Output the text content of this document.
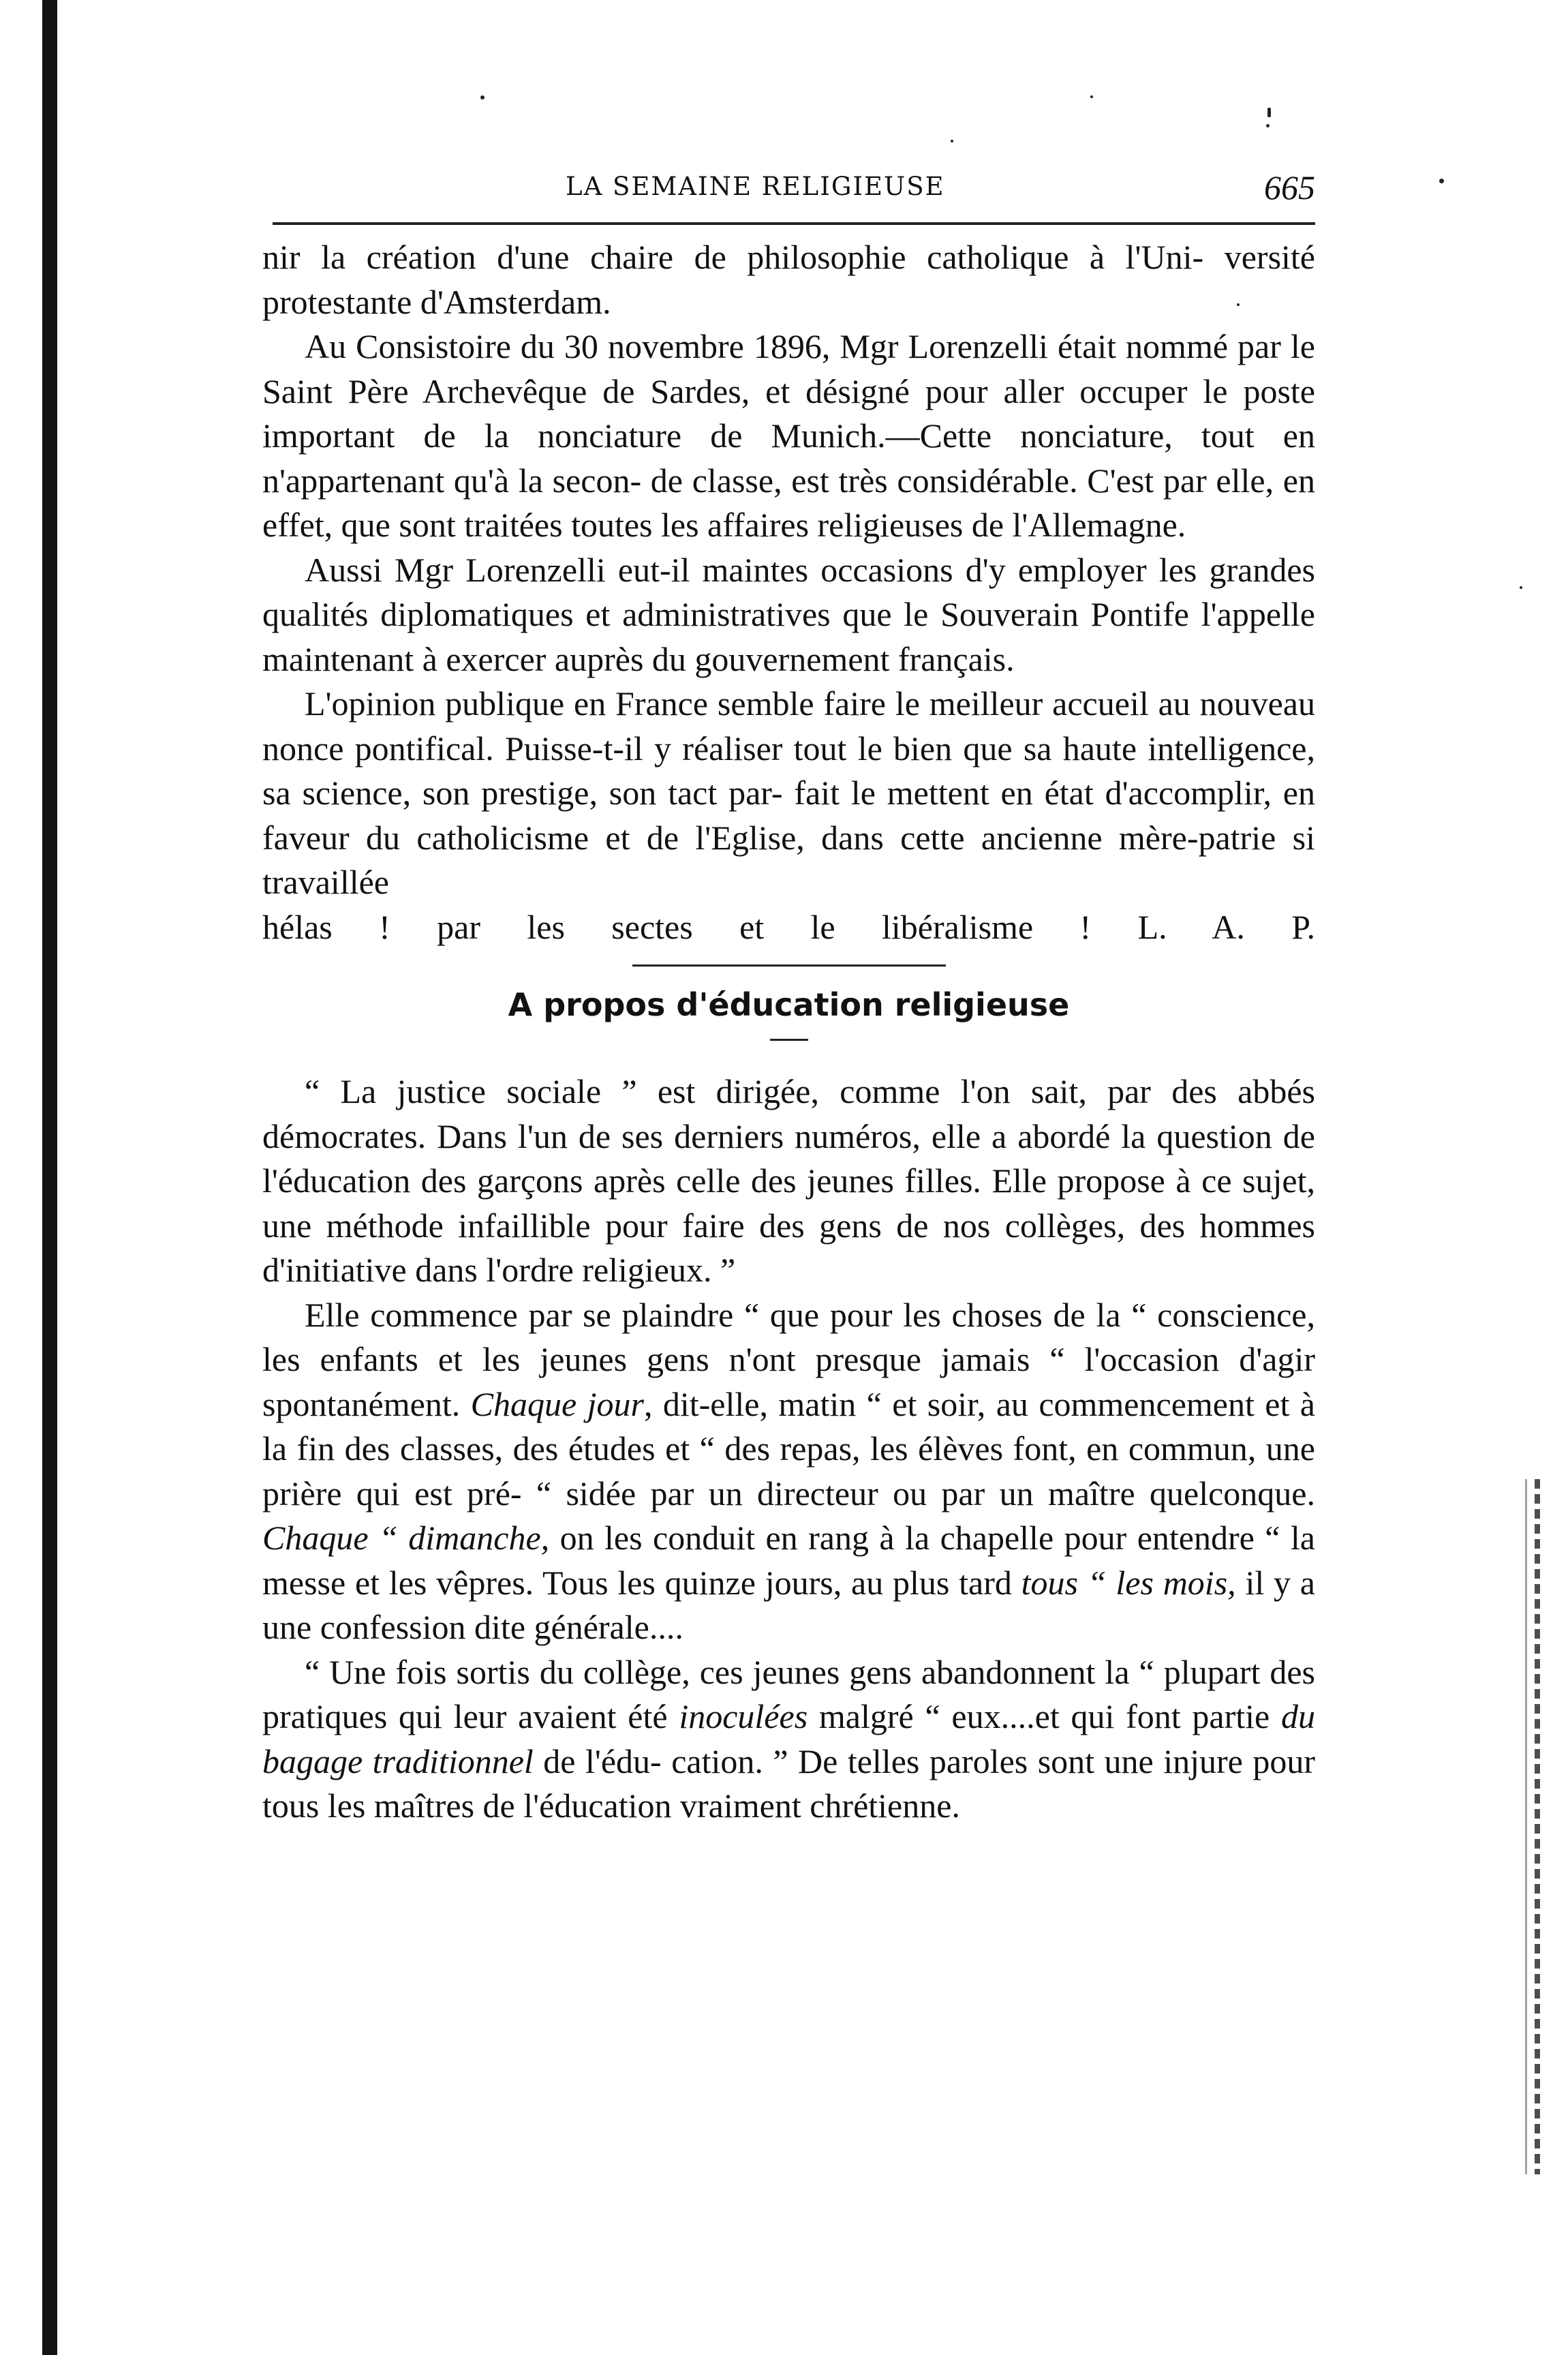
LA SEMAINE RELIGIEUSE	665

nir la création d'une chaire de philosophie catholique à l'Uni- versité protestante d'Amsterdam.

Au Consistoire du 30 novembre 1896, Mgr Lorenzelli était nommé par le Saint Père Archevêque de Sardes, et désigné pour aller occuper le poste important de la nonciature de Munich.—Cette nonciature, tout en n'appartenant qu'à la secon- de classe, est très considérable. C'est par elle, en effet, que sont traitées toutes les affaires religieuses de l'Allemagne.

Aussi Mgr Lorenzelli eut-il maintes occasions d'y employer les grandes qualités diplomatiques et administratives que le Souverain Pontife l'appelle maintenant à exercer auprès du gouvernement français.

L'opinion publique en France semble faire le meilleur accueil au nouveau nonce pontifical. Puisse-t-il y réaliser tout le bien que sa haute intelligence, sa science, son prestige, son tact par- fait le mettent en état d'accomplir, en faveur du catholicisme et de l'Eglise, dans cette ancienne mère-patrie si travaillée

hélas ! par les sectes et le libéralisme ! L. A. P.

A propos d'éducation religieuse

“ La justice sociale ” est dirigée, comme l'on sait, par des abbés démocrates. Dans l'un de ses derniers numéros, elle a abordé la question de l'éducation des garçons après celle des jeunes filles. Elle propose à ce sujet, une méthode infaillible pour faire des gens de nos collèges, des hommes d'initiative dans l'ordre religieux. ”

Elle commence par se plaindre “ que pour les choses de la “ conscience, les enfants et les jeunes gens n'ont presque jamais “ l'occasion d'agir spontanément. Chaque jour, dit-elle, matin “ et soir, au commencement et à la fin des classes, des études et “ des repas, les élèves font, en commun, une prière qui est pré- “ sidée par un directeur ou par un maître quelconque. Chaque “ dimanche, on les conduit en rang à la chapelle pour entendre “ la messe et les vêpres. Tous les quinze jours, au plus tard tous “ les mois, il y a une confession dite générale....

“ Une fois sortis du collège, ces jeunes gens abandonnent la “ plupart des pratiques qui leur avaient été inoculées malgré “ eux....et qui font partie du bagage traditionnel de l'édu- cation. ” De telles paroles sont une injure pour tous les maîtres de l'éducation vraiment chrétienne.
